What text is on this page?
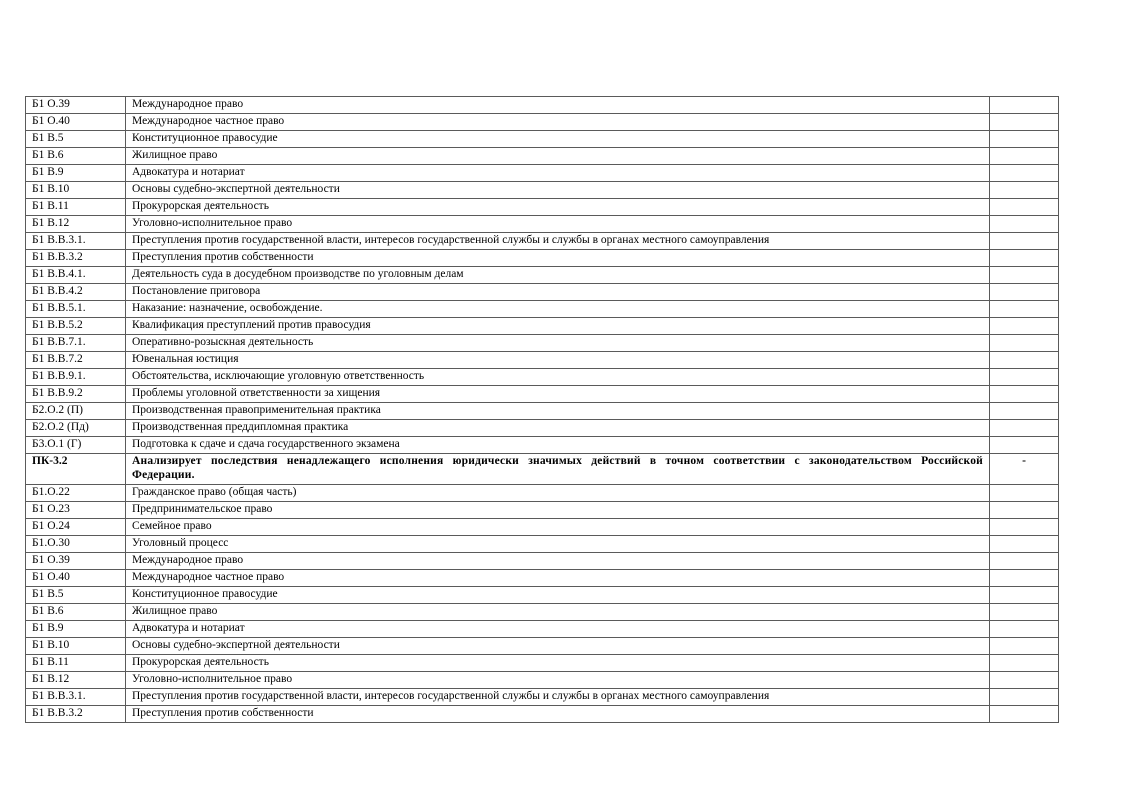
Б1 О.39	Международное право	
Б1 О.40	Международное частное право	
Б1 В.5	Конституционное правосудие	
Б1 В.6	Жилищное право	
Б1 В.9	Адвокатура и нотариат	
Б1 В.10	Основы судебно-экспертной деятельности	
Б1 В.11	Прокурорская деятельность	
Б1 В.12	Уголовно-исполнительное право	
Б1 В.В.3.1.	Преступления против государственной власти, интересов государственной службы и службы в органах местного самоуправления	
Б1 В.В.3.2	Преступления против собственности	
Б1 В.В.4.1.	Деятельность суда в досудебном производстве по уголовным делам	
Б1 В.В.4.2	Постановление приговора	
Б1 В.В.5.1.	Наказание: назначение, освобождение.	
Б1 В.В.5.2	Квалификация преступлений против правосудия	
Б1 В.В.7.1.	Оперативно-розыскная деятельность	
Б1 В.В.7.2	Ювенальная юстиция	
Б1 В.В.9.1.	Обстоятельства, исключающие уголовную ответственность	
Б1 В.В.9.2	Проблемы уголовной ответственности за хищения	
Б2.О.2 (П)	Производственная правоприменительная практика	
Б2.О.2 (Пд)	Производственная преддипломная практика	
Б3.О.1 (Г)	Подготовка к сдаче и сдача государственного экзамена	
ПК-3.2	Анализирует последствия ненадлежащего исполнения юридически значимых действий в точном соответствии с законодательством Российской Федерации.	-
Б1.О.22	Гражданское право (общая часть)	
Б1 О.23	Предпринимательское право	
Б1 О.24	Семейное право	
Б1.О.30	Уголовный процесс	
Б1 О.39	Международное право	
Б1 О.40	Международное частное право	
Б1 В.5	Конституционное правосудие	
Б1 В.6	Жилищное право	
Б1 В.9	Адвокатура и нотариат	
Б1 В.10	Основы судебно-экспертной деятельности	
Б1 В.11	Прокурорская деятельность	
Б1 В.12	Уголовно-исполнительное право	
Б1 В.В.3.1.	Преступления против государственной власти, интересов государственной службы и службы в органах местного самоуправления	
Б1 В.В.3.2	Преступления против собственности	
